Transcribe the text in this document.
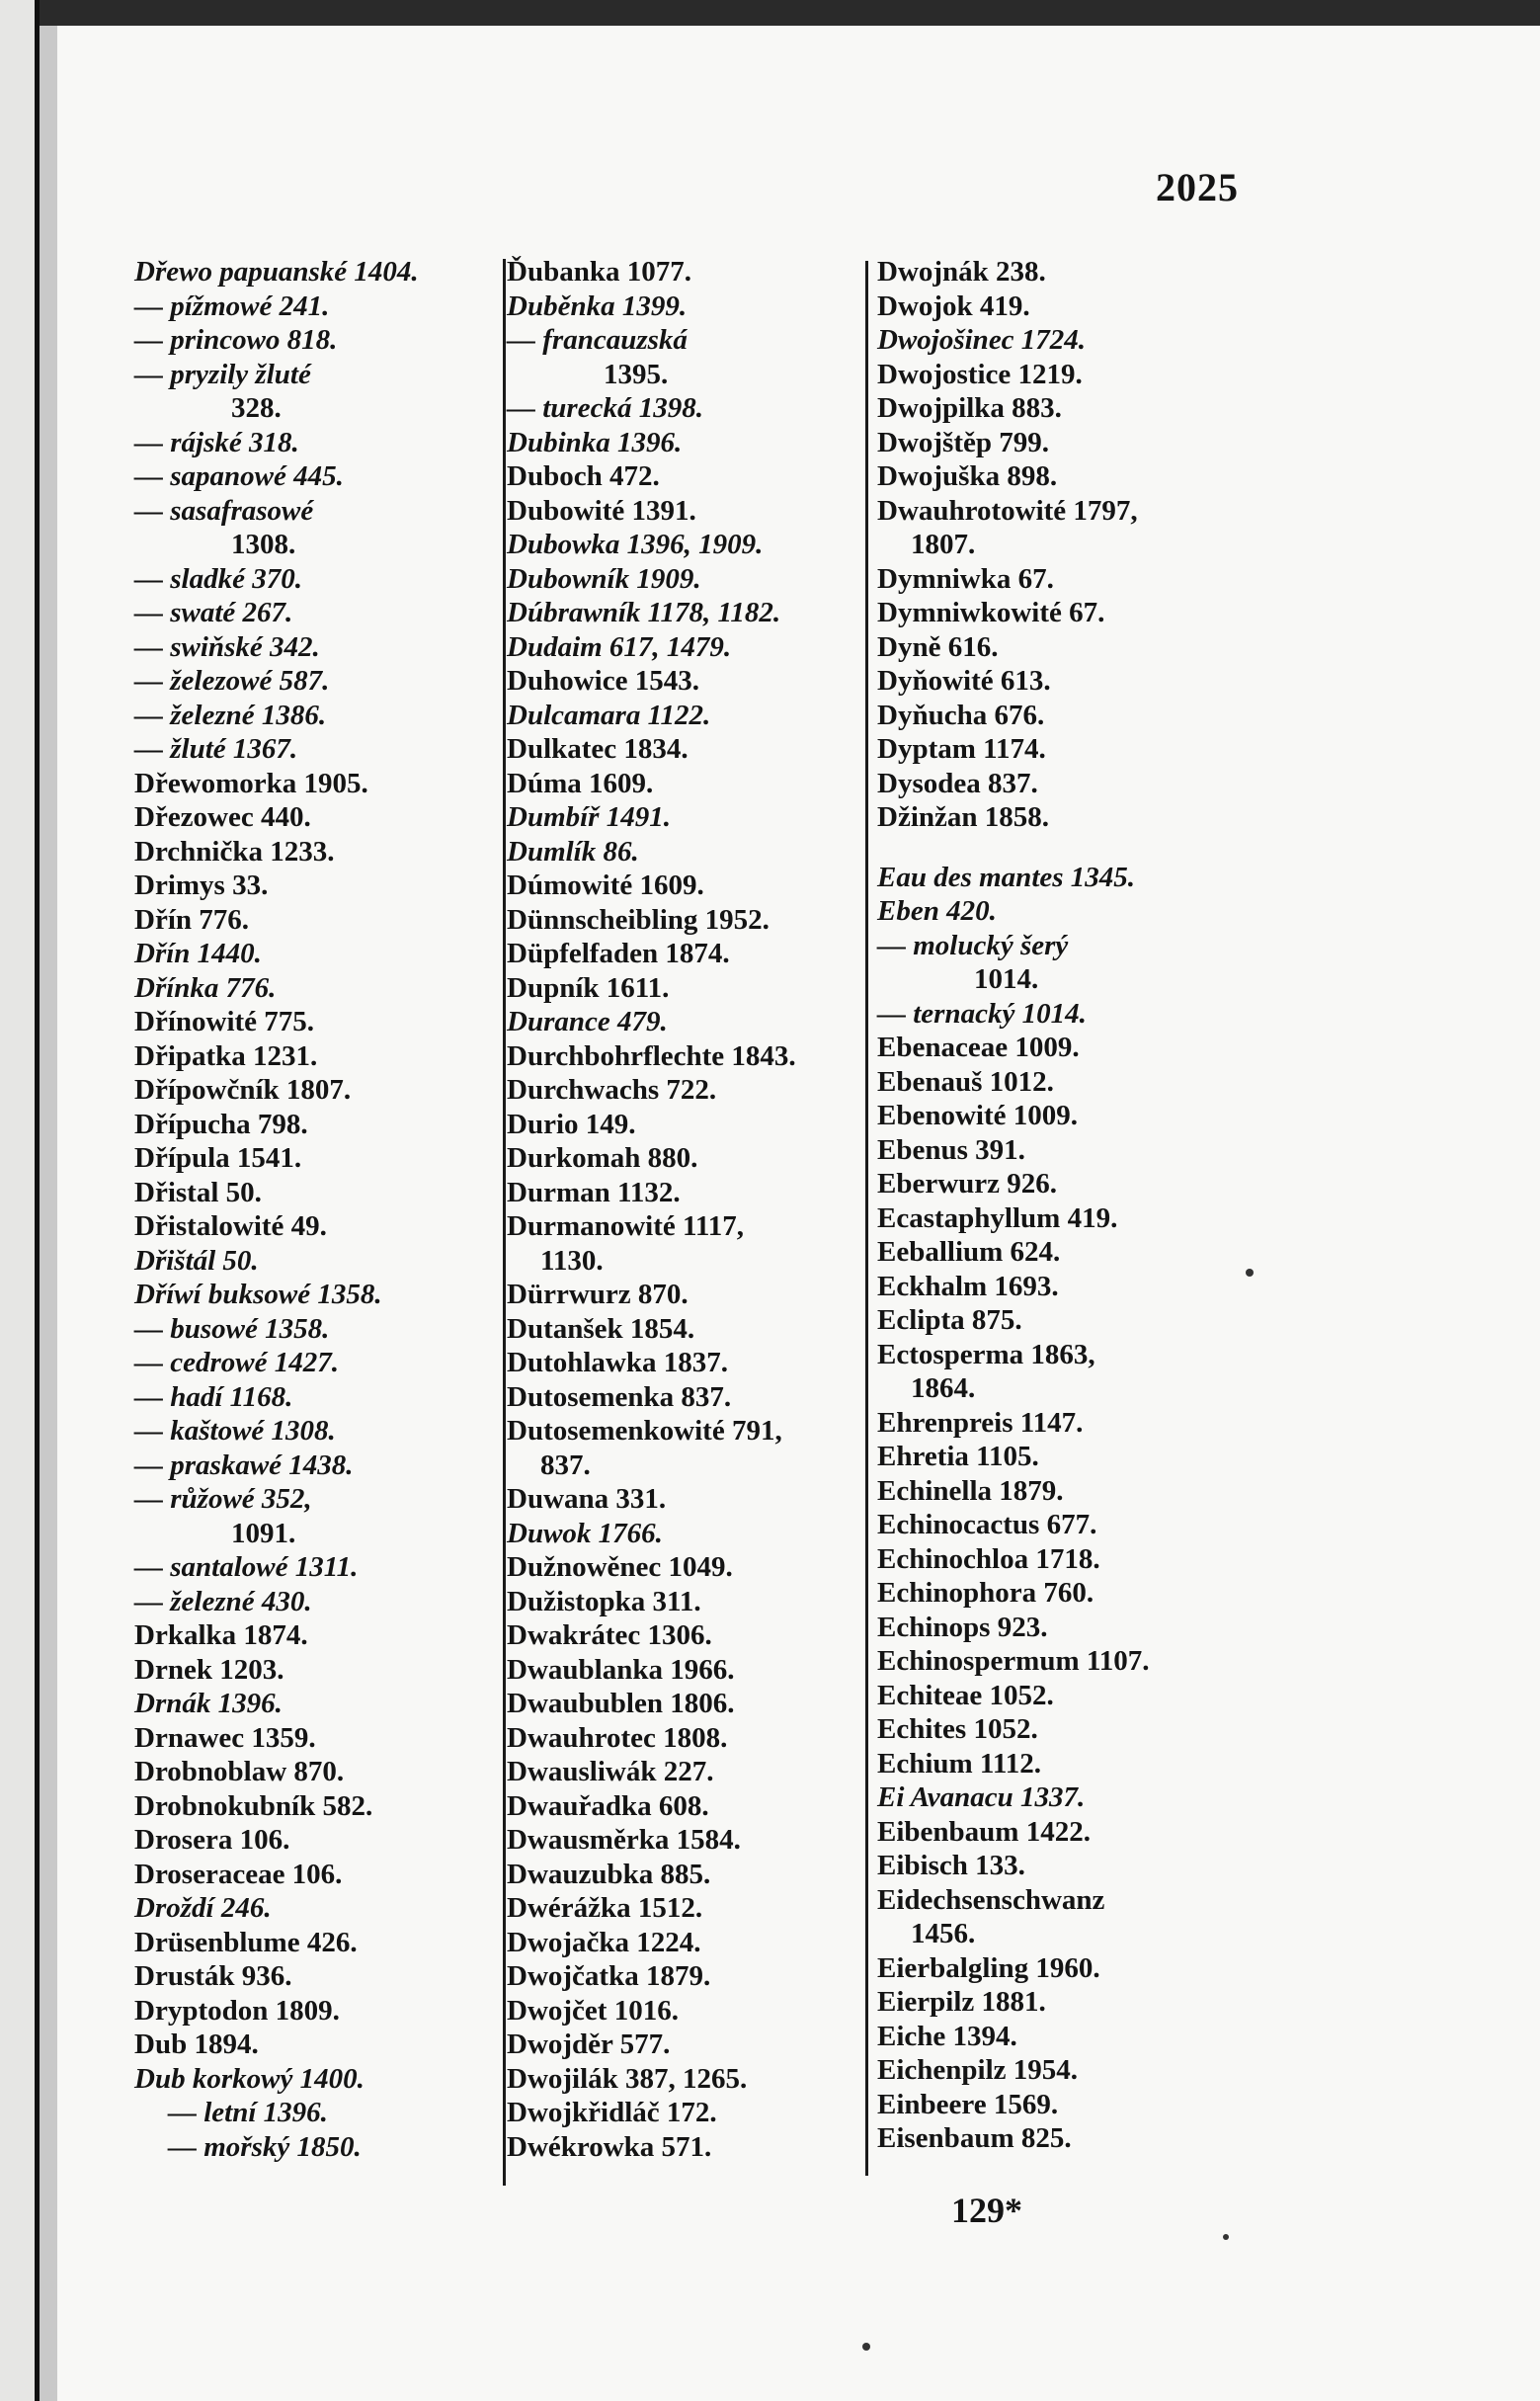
2025
Dřewo papuanské 1404.
— pížmowé 241.
— princowo 818.
— pryzily žluté
328.
— rájské 318.
— sapanowé 445.
— sasafrasowé
1308.
— sladké 370.
— swaté 267.
— swiňské 342.
— železowé 587.
— železné 1386.
— žluté 1367.
Dřewomorka 1905.
Dřezowec 440.
Drchnička 1233.
Drimys 33.
Dřín 776.
Dřín 1440.
Dřínka 776.
Dřínowité 775.
Dřipatka 1231.
Dřípowčník 1807.
Dřípucha 798.
Dřípula 1541.
Dřistal 50.
Dřistalowité 49.
Dřištál 50.
Dříwí buksowé 1358.
— busowé 1358.
— cedrowé 1427.
— hadí 1168.
— kaštowé 1308.
— praskawé 1438.
— růžowé 352,
1091.
— santalowé 1311.
— železné 430.
Drkalka 1874.
Drnek 1203.
Drnák 1396.
Drnawec 1359.
Drobnoblaw 870.
Drobnokubník 582.
Drosera 106.
Droseraceae 106.
Droždí 246.
Drüsenblume 426.
Drusták 936.
Dryptodon 1809.
Dub 1894.
Dub korkowý 1400.
— letní 1396.
— mořský 1850.
Ďubanka 1077.
Duběnka 1399.
— francauzská
1395.
— turecká 1398.
Dubinka 1396.
Duboch 472.
Dubowité 1391.
Dubowka 1396, 1909.
Dubowník 1909.
Dúbrawník 1178, 1182.
Dudaim 617, 1479.
Duhowice 1543.
Dulcamara 1122.
Dulkatec 1834.
Dúma 1609.
Dumbíř 1491.
Dumlík 86.
Dúmowité 1609.
Dünnscheibling 1952.
Düpfelfaden 1874.
Dupník 1611.
Durance 479.
Durchbohrflechte 1843.
Durchwachs 722.
Durio 149.
Durkomah 880.
Durman 1132.
Durmanowité 1117,
1130.
Dürrwurz 870.
Dutanšek 1854.
Dutohlawka 1837.
Dutosemenka 837.
Dutosemenkowité 791,
837.
Duwana 331.
Duwok 1766.
Dužnowěnec 1049.
Dužistopka 311.
Dwakrátec 1306.
Dwaublanka 1966.
Dwaubublen 1806.
Dwauhrotec 1808.
Dwausliwák 227.
Dwauřadka 608.
Dwausměrka 1584.
Dwauzubka 885.
Dwérážka 1512.
Dwojačka 1224.
Dwojčatka 1879.
Dwojčet 1016.
Dwojděr 577.
Dwojilák 387, 1265.
Dwojkřidláč 172.
Dwékrowka 571.
Dwojnák 238.
Dwojok 419.
Dwojošinec 1724.
Dwojostice 1219.
Dwojpilka 883.
Dwojštěp 799.
Dwojuška 898.
Dwauhrotowité 1797,
1807.
Dymniwka 67.
Dymniwkowité 67.
Dyně 616.
Dyňowité 613.
Dyňucha 676.
Dyptam 1174.
Dysodea 837.
Džinžan 1858.
Eau des mantes 1345.
Eben 420.
— molucký šerý
1014.
— ternacký 1014.
Ebenaceae 1009.
Ebenauš 1012.
Ebenowité 1009.
Ebenus 391.
Eberwurz 926.
Ecastaphyllum 419.
Eeballium 624.
Eckhalm 1693.
Eclipta 875.
Ectosperma 1863,
1864.
Ehrenpreis 1147.
Ehretia 1105.
Echinella 1879.
Echinocactus 677.
Echinochloa 1718.
Echinophora 760.
Echinops 923.
Echinospermum 1107.
Echiteae 1052.
Echites 1052.
Echium 1112.
Ei Avanacu 1337.
Eibenbaum 1422.
Eibisch 133.
Eidechsenschwanz
1456.
Eierbalgling 1960.
Eierpilz 1881.
Eiche 1394.
Eichenpilz 1954.
Einbeere 1569.
Eisenbaum 825.
129*
